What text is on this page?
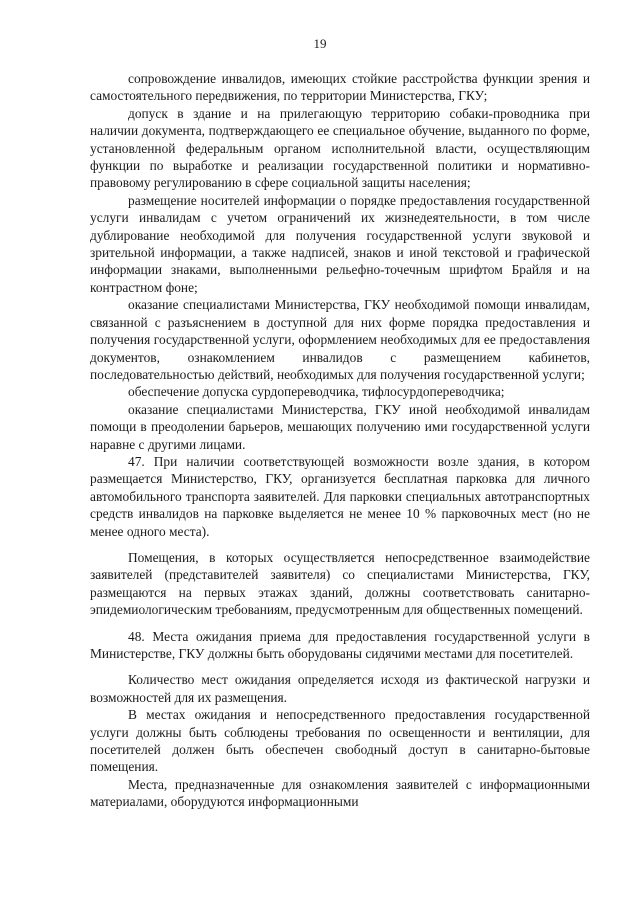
19

сопровождение инвалидов, имеющих стойкие расстройства функции зрения и самостоятельного передвижения, по территории Министерства, ГКУ;

допуск в здание и на прилегающую территорию собаки-проводника при наличии документа, подтверждающего ее специальное обучение, выданного по форме, установленной федеральным органом исполнительной власти, осуществляющим функции по выработке и реализации государственной политики и нормативно-правовому регулированию в сфере социальной защиты населения;

размещение носителей информации о порядке предоставления государственной услуги инвалидам с учетом ограничений их жизнедеятельности, в том числе дублирование необходимой для получения государственной услуги звуковой и зрительной информации, а также надписей, знаков и иной текстовой и графической информации знаками, выполненными рельефно-точечным шрифтом Брайля и на контрастном фоне;

оказание специалистами Министерства, ГКУ необходимой помощи инвалидам, связанной с разъяснением в доступной для них форме порядка предоставления и получения государственной услуги, оформлением необходимых для ее предоставления документов, ознакомлением инвалидов с размещением кабинетов, последовательностью действий, необходимых для получения государственной услуги;

обеспечение допуска сурдопереводчика, тифлосурдопереводчика;

оказание специалистами Министерства, ГКУ иной необходимой инвалидам помощи в преодолении барьеров, мешающих получению ими государственной услуги наравне с другими лицами.

47. При наличии соответствующей возможности возле здания, в котором размещается Министерство, ГКУ, организуется бесплатная парковка для личного автомобильного транспорта заявителей. Для парковки специальных автотранспортных средств инвалидов на парковке выделяется не менее 10 % парковочных мест (но не менее одного места).

Помещения, в которых осуществляется непосредственное взаимодействие заявителей (представителей заявителя) со специалистами Министерства, ГКУ, размещаются на первых этажах зданий, должны соответствовать санитарно-эпидемиологическим требованиям, предусмотренным для общественных помещений.

48. Места ожидания приема для предоставления государственной услуги в Министерстве, ГКУ должны быть оборудованы сидячими местами для посетителей.

Количество мест ожидания определяется исходя из фактической нагрузки и возможностей для их размещения.

В местах ожидания и непосредственного предоставления государственной услуги должны быть соблюдены требования по освещенности и вентиляции, для посетителей должен быть обеспечен свободный доступ в санитарно-бытовые помещения.

Места, предназначенные для ознакомления заявителей с информационными материалами, оборудуются информационными
